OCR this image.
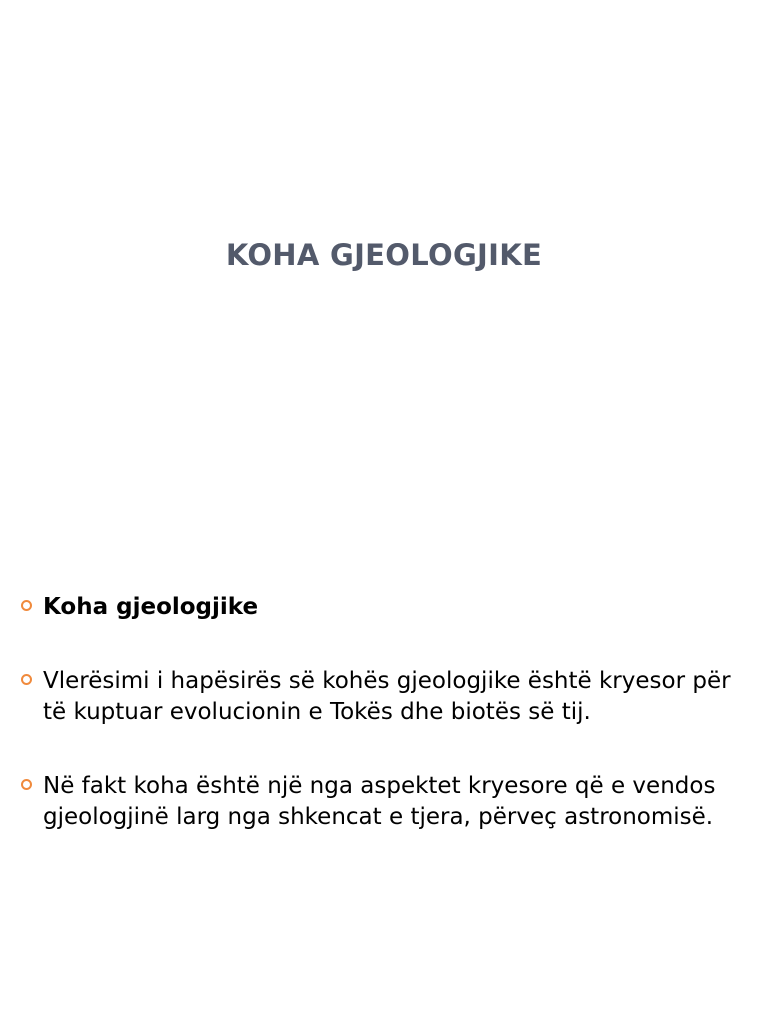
KOHA GJEOLOGJIKE
Koha gjeologjike
Vlerësimi i hapësirës së kohës gjeologjike është kryesor për të kuptuar evolucionin e Tokës dhe biotës së tij.
Në fakt koha është një nga aspektet kryesore që e vendos gjeologjinë larg nga shkencat e tjera, përveç astronomisë.
